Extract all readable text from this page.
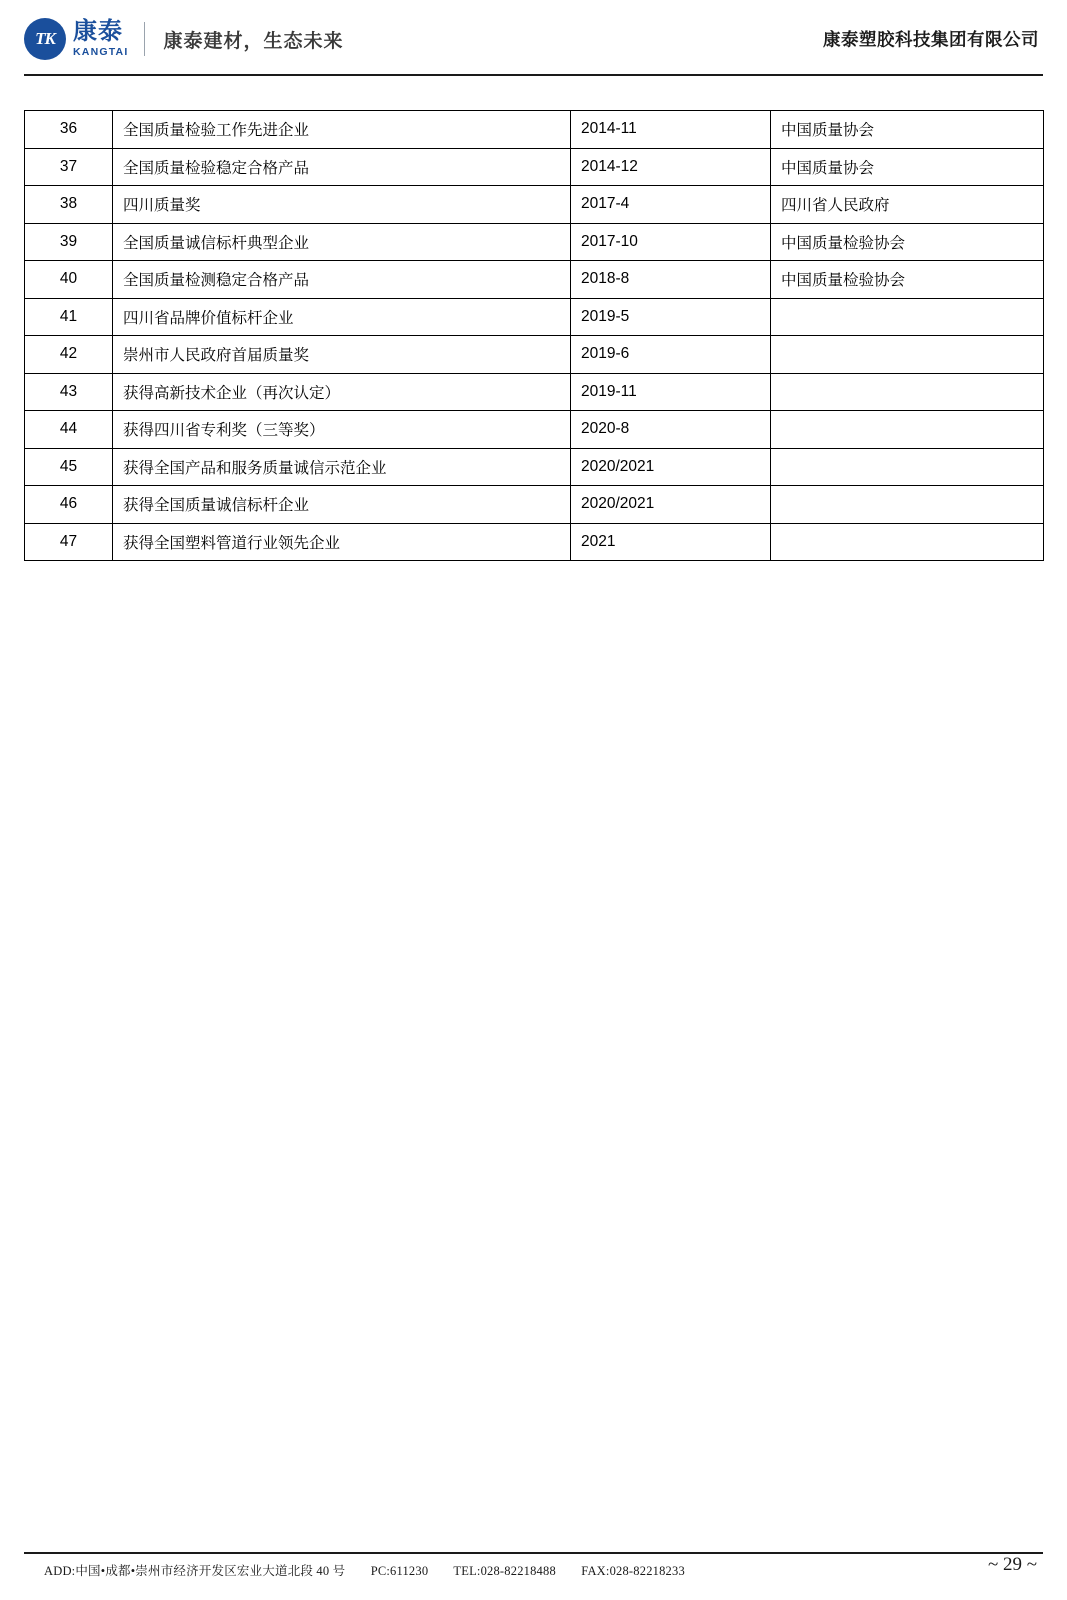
TK 康泰
KANGTAI
康泰建材，生态未来	康泰塑胶科技集团有限公司
36	全国质量检验工作先进企业	2014-11	中国质量协会
37	全国质量检验稳定合格产品	2014-12	中国质量协会
38	四川质量奖	2017-4	四川省人民政府
39	全国质量诚信标杆典型企业	2017-10	中国质量检验协会
40	全国质量检测稳定合格产品	2018-8	中国质量检验协会
41	四川省品牌价值标杆企业	2019-5	
42	崇州市人民政府首届质量奖	2019-6	
43	获得高新技术企业（再次认定）	2019-11	
44	获得四川省专利奖（三等奖）	2020-8	
45	获得全国产品和服务质量诚信示范企业	2020/2021	
46	获得全国质量诚信标杆企业	2020/2021	
47	获得全国塑料管道行业领先企业	2021	
ADD:中国•成都•崇州市经济开发区宏业大道北段 40 号 PC:611230 TEL:028-82218488 FAX:028-82218233	~ 29 ~
